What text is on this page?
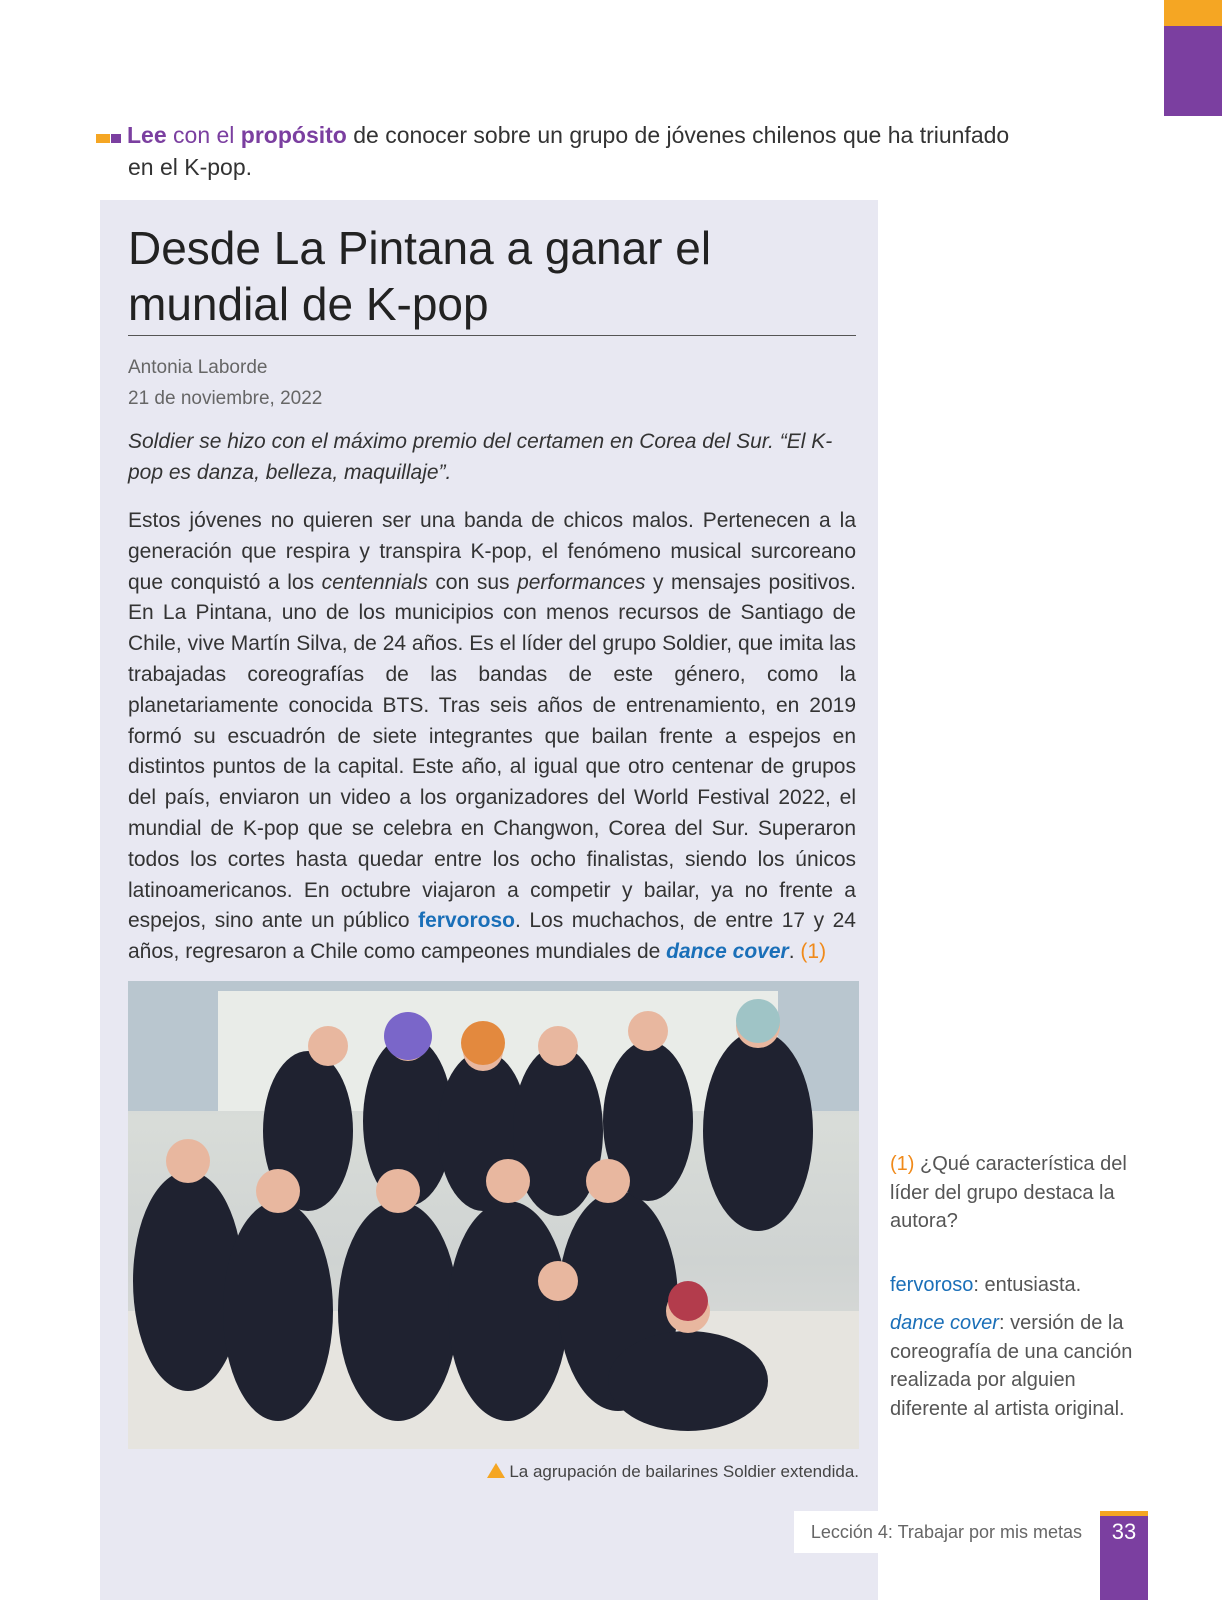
Lee con el propósito de conocer sobre un grupo de jóvenes chilenos que ha triunfado
en el K-pop.
Desde La Pintana a ganar el mundial de K-pop
Antonia Laborde
21 de noviembre, 2022
Soldier se hizo con el máximo premio del certamen en Corea del Sur. “El K-pop es danza, belleza, maquillaje”.

Estos jóvenes no quieren ser una banda de chicos malos. Pertenecen a la generación que respira y transpira K-pop, el fenómeno musical surcoreano que conquistó a los centennials con sus performances y mensajes positivos. En La Pintana, uno de los municipios con menos recursos de Santiago de Chile, vive Martín Silva, de 24 años. Es el líder del grupo Soldier, que imita las trabajadas coreografías de las bandas de este género, como la planetariamente conocida BTS. Tras seis años de entrenamiento, en 2019 formó su escuadrón de siete integrantes que bailan frente a espejos en distintos puntos de la capital. Este año, al igual que otro centenar de grupos del país, enviaron un video a los organizadores del World Festival 2022, el mundial de K-pop que se celebra en Changwon, Corea del Sur. Superaron todos los cortes hasta quedar entre los ocho finalistas, siendo los únicos latinoamericanos. En octubre viajaron a competir y bailar, ya no frente a espejos, sino ante un público fervoroso. Los muchachos, de entre 17 y 24 años, regresaron a Chile como campeones mundiales de dance cover. (1)

La agrupación de bailarines Soldier extendida.
(1) ¿Qué característica del líder del grupo destaca la autora?
fervoroso: entusiasta.
dance cover: versión de la coreografía de una canción realizada por alguien diferente al artista original.
Lección 4: Trabajar por mis metas	33
